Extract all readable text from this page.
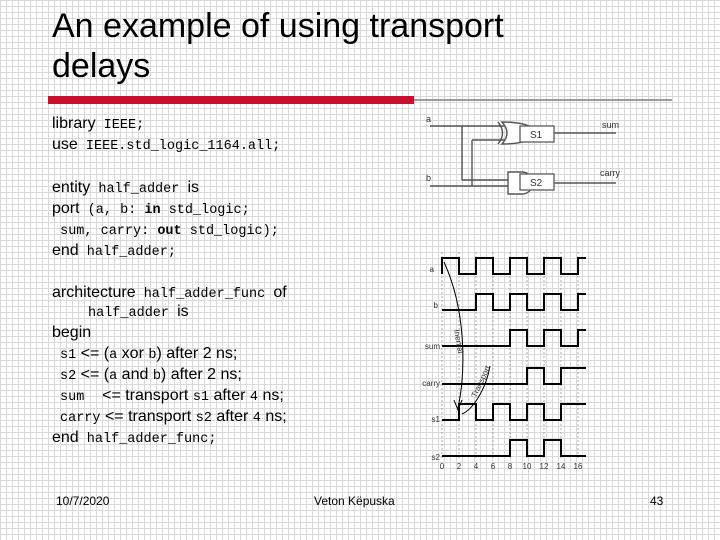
An example of using transport
delays
library IEEE;
use IEEE.std_logic_1164.all;
entity half_adder is
port (a, b: in std_logic;
sum, carry: out std_logic);
end half_adder;
architecture half_adder_func of
half_adder is
begin
s1 <= (a xor b) after 2 ns;
s2 <= (a and b) after 2 ns;
sum    <= transport s1 after 4 ns;
carry <= transport s2 after 4 ns;
end half_adder_func;
a
b
S1
S2
sum
carry
a
b
sum
carry
s1
s2
0 2 4 6 8 10 12 14 16
Inertial
Transport
10/7/2020	Veton Këpuska	43
